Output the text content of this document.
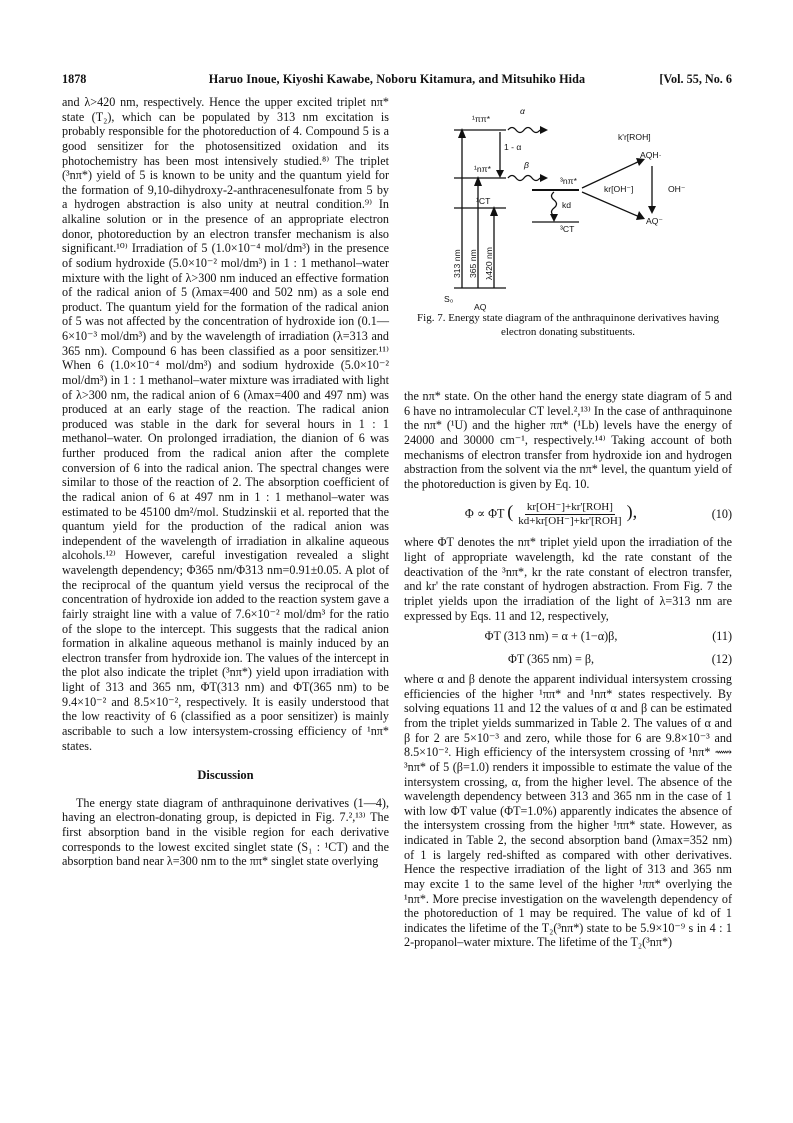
1878	Haruo Inoue, Kiyoshi Kawabe, Noboru Kitamura, and Mitsuhiko Hida	[Vol. 55, No. 6

and λ>420 nm, respectively. Hence the upper excited triplet nπ* state (T₂), which can be populated by 313 nm excitation is probably responsible for the photoreduction of 4. Compound 5 is a good sensitizer for the photosensitized oxidation and its photochemistry has been most intensively studied.⁸⁾ The triplet (³nπ*) yield of 5 is known to be unity and the quantum yield for the formation of 9,10-dihydroxy-2-anthracenesulfonate from 5 by a hydrogen abstraction is also unity at neutral condition.⁹⁾ In alkaline solution or in the presence of an appropriate electron donor, photoreduction by an electron transfer mechanism is also significant.¹⁰⁾ Irradiation of 5 (1.0×10⁻⁴ mol/dm³) in the presence of sodium hydroxide (5.0×10⁻² mol/dm³) in 1 : 1 methanol–water mixture with the light of λ>300 nm induced an effective formation of the radical anion of 5 (λmax=400 and 502 nm) as a sole end product. The quantum yield for the formation of the radical anion of 5 was not affected by the concentration of hydroxide ion (0.1—6×10⁻³ mol/dm³) and by the wavelength of irradiation (λ=313 and 365 nm). Compound 6 has been classified as a poor sensitizer.¹¹⁾ When 6 (1.0×10⁻⁴ mol/dm³) and sodium hydroxide (5.0×10⁻² mol/dm³) in 1 : 1 methanol–water mixture was irradiated with light of λ>300 nm, the radical anion of 6 (λmax=400 and 497 nm) was produced at an early stage of the reaction. The radical anion produced was stable in the dark for several hours in 1 : 1 methanol–water. On prolonged irradiation, the dianion of 6 was further produced from the radical anion after the complete conversion of 6 into the radical anion. The spectral changes were similar to those of the reaction of 2. The absorption coefficient of the radical anion of 6 at 497 nm in 1 : 1 methanol–water was estimated to be 45100 dm²/mol. Studzinskii et al. reported that the quantum yield for the production of the radical anion was independent of the wavelength of irradiation in alkaline aqueous alcohols.¹²⁾ However, careful investigation revealed a slight wavelength dependency; Φ365 nm/Φ313 nm=0.91±0.05. A plot of the reciprocal of the quantum yield versus the reciprocal of the concentration of hydroxide ion added to the reaction system gave a fairly straight line with a value of 7.6×10⁻² mol/dm³ for the ratio of the slope to the intercept. This suggests that the radical anion formation in alkaline aqueous methanol is mainly induced by an electron transfer from hydroxide ion. The values of the intercept in the plot also indicate the triplet (³nπ*) yield upon irradiation with light of 313 and 365 nm, ΦT(313 nm) and ΦT(365 nm) to be 9.4×10⁻² and 8.5×10⁻², respectively. It is easily understood that the low reactivity of 6 (classified as a poor sensitizer) is mainly ascribable to such a low intersystem-crossing efficiency of ¹nπ* states.

Discussion

The energy state diagram of anthraquinone derivatives (1—4), having an electron-donating group, is depicted in Fig. 7.²,¹³⁾ The first absorption band in the visible region for each derivative corresponds to the lowest excited singlet state (S₁ : ¹CT) and the absorption band near λ=300 nm to the ππ* singlet state overlying

¹ππ*
α
1 - α
¹nπ*	β
³nπ*
¹CT	kd
³CT
k'r[ROH]
AQH·
kr[OH⁻]	OH⁻
AQ⁻
S₀
AQ
313 nm 365 nm λ420 nm
Fig. 7. Energy state diagram of the anthraquinone derivatives having electron donating substituents.

the nπ* state. On the other hand the energy state diagram of 5 and 6 have no intramolecular CT level.²,¹³⁾ In the case of anthraquinone the nπ* (¹U) and the higher ππ* (¹Lb) levels have the energy of 24000 and 30000 cm⁻¹, respectively.¹⁴⁾ Taking account of both mechanisms of electron transfer from hydroxide ion and hydrogen abstraction from the solvent via the nπ* level, the quantum yield of the photoreduction is given by Eq. 10.

Φ ∝ ΦT ( kr[OH⁻]+kr'[ROH]
kd+kr[OH⁻]+kr'[ROH] ),	(10)

where ΦT denotes the nπ* triplet yield upon the irradiation of the light of appropriate wavelength, kd the rate constant of the deactivation of the ³nπ*, kr the rate constant of electron transfer, and kr' the rate constant of hydrogen abstraction. From Fig. 7 the triplet yields upon the irradiation of the light of λ=313 nm are expressed by Eqs. 11 and 12, respectively,

ΦT (313 nm) = α + (1−α)β,	(11)
ΦT (365 nm) = β,	(12)

where α and β denote the apparent individual intersystem crossing efficiencies of the higher ¹ππ* and ¹nπ* states respectively. By solving equations 11 and 12 the values of α and β can be estimated from the triplet yields summarized in Table 2. The values of α and β for 2 are 5×10⁻³ and zero, while those for 6 are 9.8×10⁻³ and 8.5×10⁻². High efficiency of the intersystem crossing of ¹nπ* ⟿ ³nπ* of 5 (β=1.0) renders it impossible to estimate the value of the intersystem crossing, α, from the higher level. The absence of the wavelength dependency between 313 and 365 nm in the case of 1 with low ΦT value (ΦT=1.0%) apparently indicates the absence of the intersystem crossing from the higher ¹ππ* state. However, as indicated in Table 2, the second absorption band (λmax=352 nm) of 1 is largely red-shifted as compared with other derivatives. Hence the respective irradiation of the light of 313 and 365 nm may excite 1 to the same level of the higher ¹ππ* overlying the ¹nπ*. More precise investigation on the wavelength dependency of the photoreduction of 1 may be required. The value of kd of 1 indicates the lifetime of the T₂(³nπ*) state to be 5.9×10⁻⁹ s in 4 : 1 2-propanol–water mixture. The lifetime of the T₂(³nπ*)
